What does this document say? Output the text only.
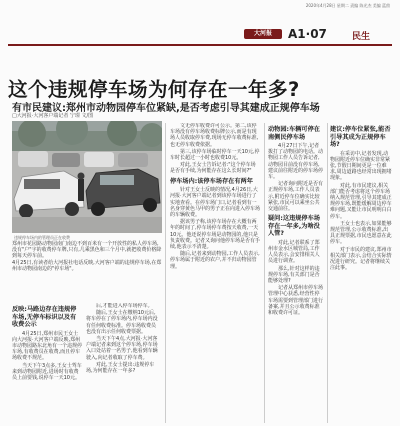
2020年4月28日 星期二 责编 陈光杰 美编 蓝茵
大河报	A1·07	民生
这个违规停车场为何存在一年多?
有市民建议:郑州市动物园停车位紧缺,是否考虑引导其建成正规停车场
□大河报·大河客户端记者 宁璟 文/图
违规停车场内的管理员正在收费

郑州市花园路动物园南门南边不到百米有一个开放性的私人停车场,没有"户"字的收费停车牌,只有,几乘黑色和三个月中,就把收费价格降到每天停车前。

4月25日,有读者给大河报社电话反映,大河客户端的违规停车场,在郑州市动物园南边的"停车场"。

反映:马路边存在违规停车场,无停车标识以及有收费公示

4月25日,郑州市民王女士向大河报·大河客户端反映,郑州市动物园路东北角有一个违规停车场,有收费员在收费,而且停车场收费不规范。

当天下午3点多,王女士驾车来到动物园附近,进场时有收费员上前要钱,说停车一天10元。

后,才能进入停车场停车。

随后,王女士在缴纳10元后,将车停在了停车场内,停车场内没有任何收费标准。停车场收费员也没有出示任何收费票据。

当天下午4点,大河报·大河客户端记者来到这个停车场,停车场入口处站着一名男子,他看到车辆驶入,向记者收取了停车费。

对此,王女士提出:违规停车场,为何能存在一年多?

文无停车收费许可公示。第二,该停车场没有停车场收费标牌公示,而是有现场人员收取停车费,现场无停车收费标准,也无停车收费依据。

第三,该停车场临时停车一天10元,停车时长超过一小时也收费10元。

对此,王女士告诉记者:"这个停车场是否有手续,为何能存在这么长时间?"

停车场内:该停车场存在有两年

针对王女士反映的情况,4月26日,大河报·大河客户端记者到该停车场进行了实地查看。在停车场门口,记者看到有一名身穿黄色马甲的男子正在向进入停车场的车辆收费。

据该男子称,该停车场存在大概有两年的时间了,停车场停车费按天收费,一天10元。他还说停车场是动物园的,他只是负责收费。记者又询问他停车场是否有手续,他表示不清楚。

随后,记者来到动物园,工作人员表示,停车场属于附近的农户,并不归动物园管理。

动物园:车辆可停在南侧民停车场

4月27日下午,记者拨打了动物园的电话。动物园工作人员告诉记者,动物园目前没有停车场,建议前往附近的停车场停车。

记者询问附近是否有正规停车场,工作人员表示,附近停车位确实比较紧张,市民可以乘坐公共交通前往。

疑问:这违规停车场存在一年多,为啥没人管?

对此,记者联系了郑州市金水区城管局,工作人员表示,会安排相关人员进行调查。

那么,针对这样的违规停车场,有关部门是否能够处理?

记者从郑州市停车场管理中心获悉,经营性停车场需要到管理部门进行备案,并且公示收费标准和收费许可证。

建议:停车位紧张,能否引导其成为正规停车场?

在采访中,记者发现,动物园附近停车位确实非常紧张,节假日期间更是一位难求,周边道路也经常出现拥堵现象。

对此,有市民建议,相关部门能否考虑将这个停车场纳入规范管理,引导其建成正规停车场,既能缓解周边停车难问题,又能让市民明明白白停车。

王女士也表示,如果能够规范管理,公示收费标准,出具正规票据,市民也愿意在此停车。

对于市民的建议,郑州市相关部门表示,会结合实际情况进行研究。记者将继续关注此事。
